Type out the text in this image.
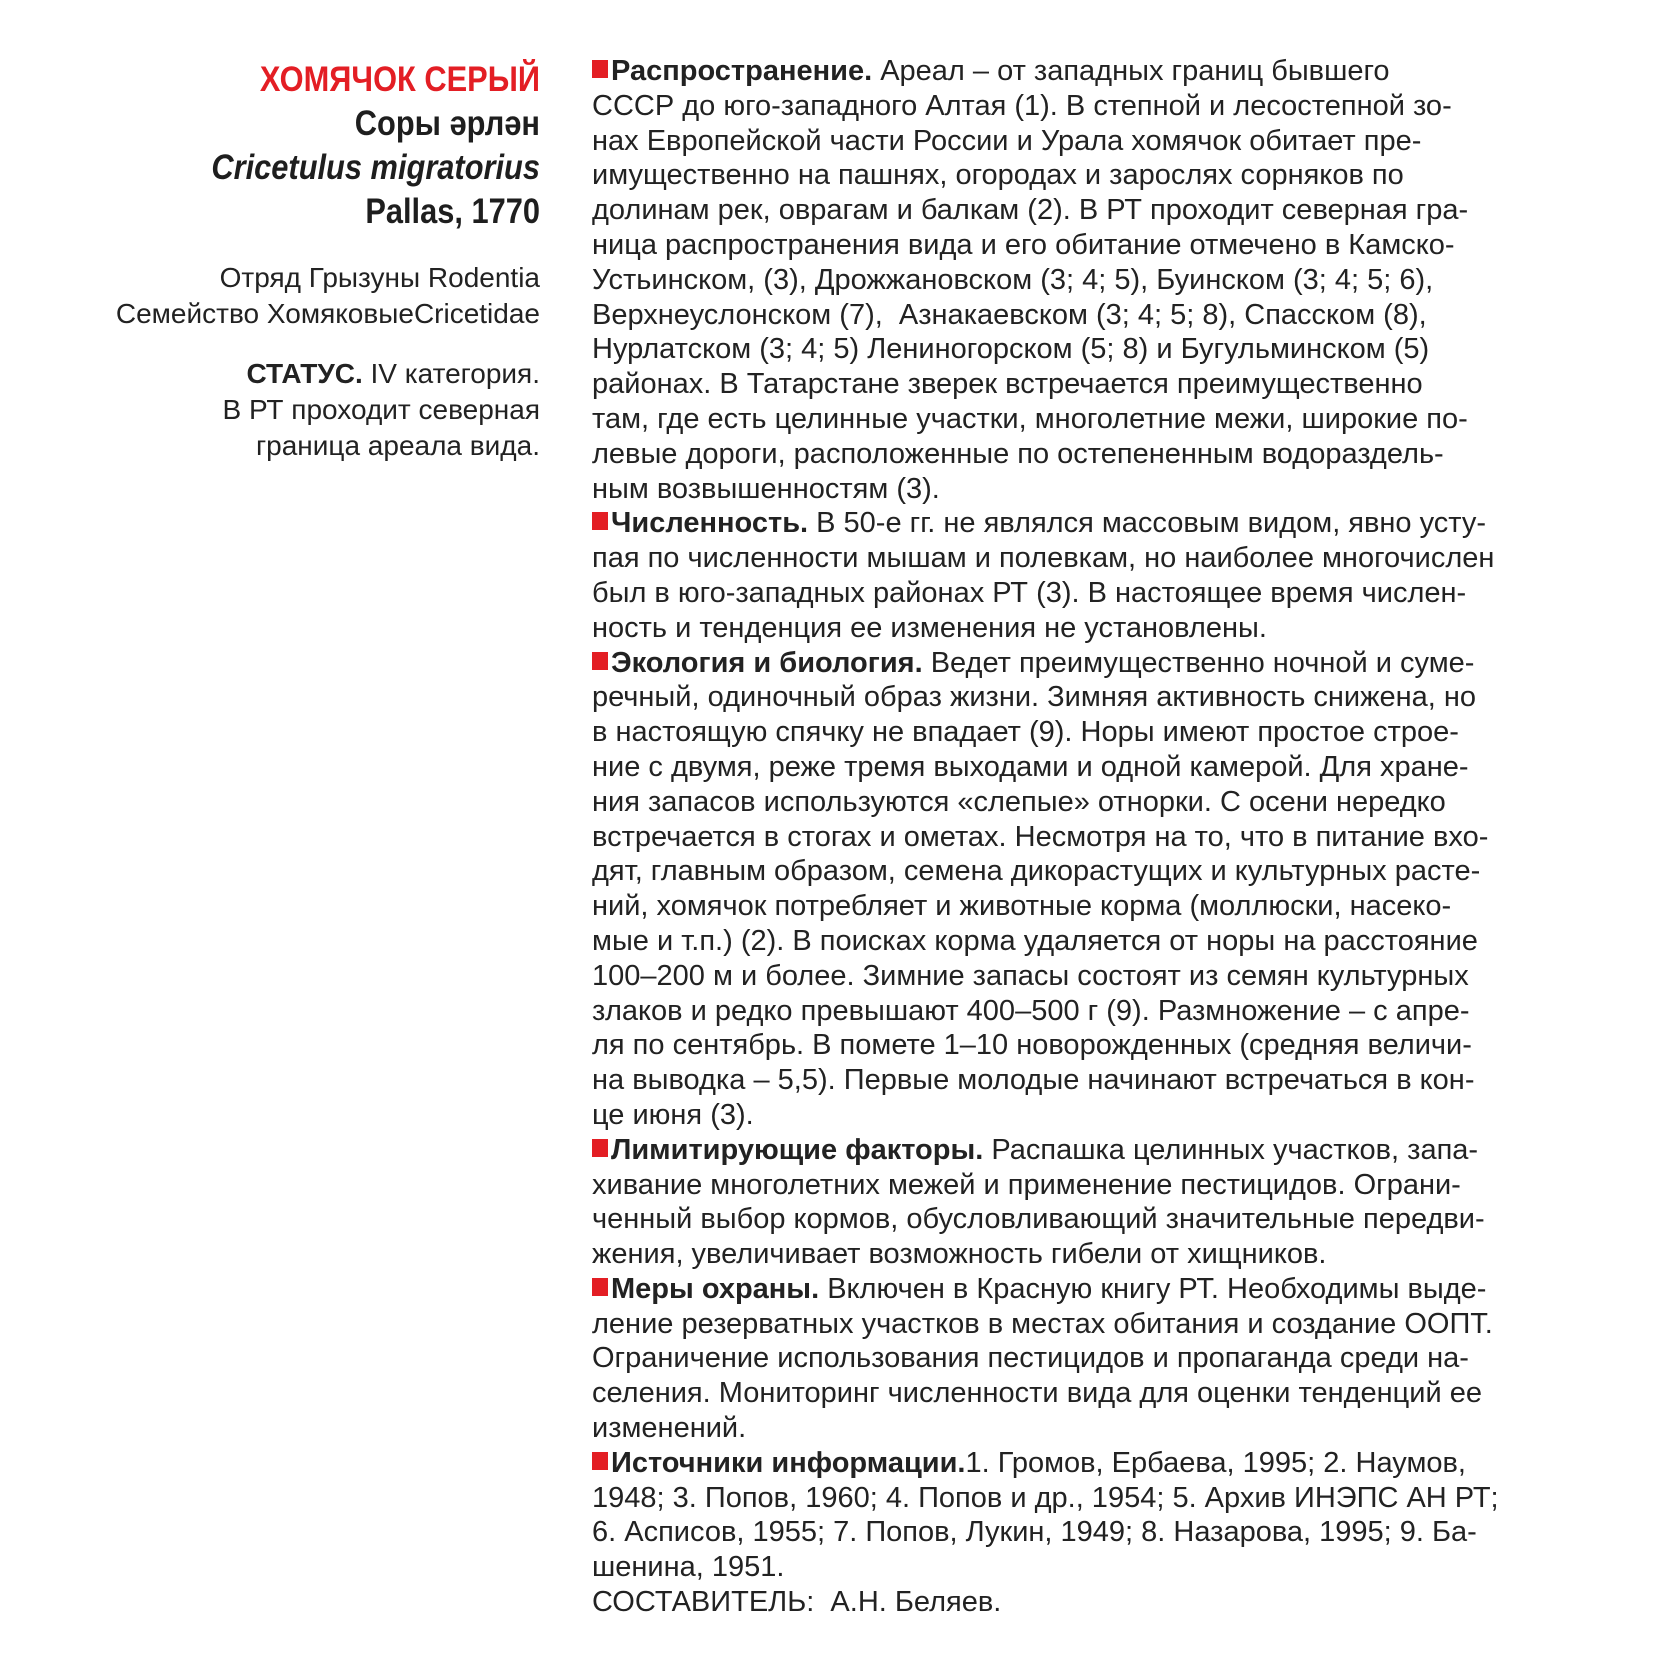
ХОМЯЧОК СЕРЫЙ
Соры әрлән
Cricetulus migratorius
Pallas, 1770
Отряд Грызуны Rodentia
Семейство ХомяковыеCricetidae
СТАТУС. IV категория.
В РТ проходит северная
граница ареала вида.
Распространение. Ареал – от западных границ бывшего
СССР до юго-западного Алтая (1). В степной и лесостепной зо-
нах Европейской части России и Урала хомячок обитает пре-
имущественно на пашнях, огородах и зарослях сорняков по
долинам рек, оврагам и балкам (2). В РТ проходит северная гра-
ница распространения вида и его обитание отмечено в Камско-
Устьинском, (3), Дрожжановском (3; 4; 5), Буинском (3; 4; 5; 6),
Верхнеуслонском (7),  Азнакаевском (3; 4; 5; 8), Спасском (8),
Нурлатском (3; 4; 5) Лениногорском (5; 8) и Бугульминском (5)
районах. В Татарстане зверек встречается преимущественно
там, где есть целинные участки, многолетние межи, широкие по-
левые дороги, расположенные по остепененным водораздель-
ным возвышенностям (3).
Численность. В 50-е гг. не являлся массовым видом, явно усту-
пая по численности мышам и полевкам, но наиболее многочислен
был в юго-западных районах РТ (3). В настоящее время числен-
ность и тенденция ее изменения не установлены.
Экология и биология. Ведет преимущественно ночной и суме-
речный, одиночный образ жизни. Зимняя активность снижена, но
в настоящую спячку не впадает (9). Норы имеют простое строе-
ние с двумя, реже тремя выходами и одной камерой. Для хране-
ния запасов используются «слепые» отнорки. С осени нередко
встречается в стогах и ометах. Несмотря на то, что в питание вхо-
дят, главным образом, семена дикорастущих и культурных расте-
ний, хомячок потребляет и животные корма (моллюски, насеко-
мые и т.п.) (2). В поисках корма удаляется от норы на расстояние
100–200 м и более. Зимние запасы состоят из семян культурных
злаков и редко превышают 400–500 г (9). Размножение – с апре-
ля по сентябрь. В помете 1–10 новорожденных (средняя величи-
на выводка – 5,5). Первые молодые начинают встречаться в кон-
це июня (3).
Лимитирующие факторы. Распашка целинных участков, запа-
хивание многолетних межей и применение пестицидов. Ограни-
ченный выбор кормов, обусловливающий значительные передви-
жения, увеличивает возможность гибели от хищников.
Меры охраны. Включен в Красную книгу РТ. Необходимы выде-
ление резерватных участков в местах обитания и создание ООПТ.
Ограничение использования пестицидов и пропаганда среди на-
селения. Мониторинг численности вида для оценки тенденций ее
изменений.
Источники информации.1. Громов, Ербаева, 1995; 2. Наумов,
1948; 3. Попов, 1960; 4. Попов и др., 1954; 5. Архив ИНЭПС АН РТ;
6. Асписов, 1955; 7. Попов, Лукин, 1949; 8. Назарова, 1995; 9. Ба-
шенина, 1951.
СОСТАВИТЕЛЬ:  А.Н. Беляев.
